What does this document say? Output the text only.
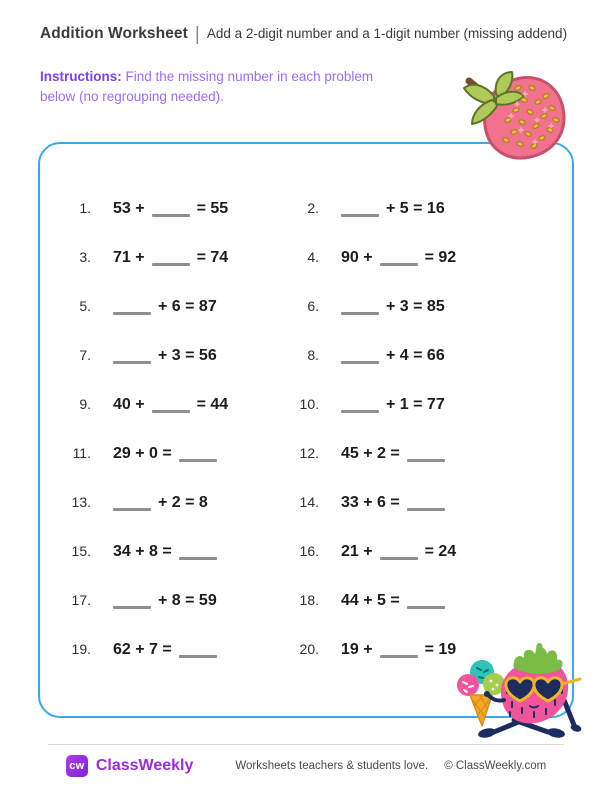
Addition Worksheet | Add a 2-digit number and a 1-digit number (missing addend)
Instructions: Find the missing number in each problem below (no regrouping needed).
1. 53 +	= 55	2.	+ 5 = 16
3. 71 +	= 74	4. 90 +	= 92
5.	+ 6 = 87	6.	+ 3 = 85
7.	+ 3 = 56	8.	+ 4 = 66
9. 40 +	= 44	10.	+ 1 = 77
11. 29 + 0 =	12. 45 + 2 =
13.	+ 2 = 8	14. 33 + 6 =
15. 34 + 8 =	16. 21 +	= 24
17.	+ 8 = 59	18. 44 + 5 =
19. 62 + 7 =	20. 19 +	= 19
cw ClassWeekly	Worksheets teachers & students love. © ClassWeekly.com
